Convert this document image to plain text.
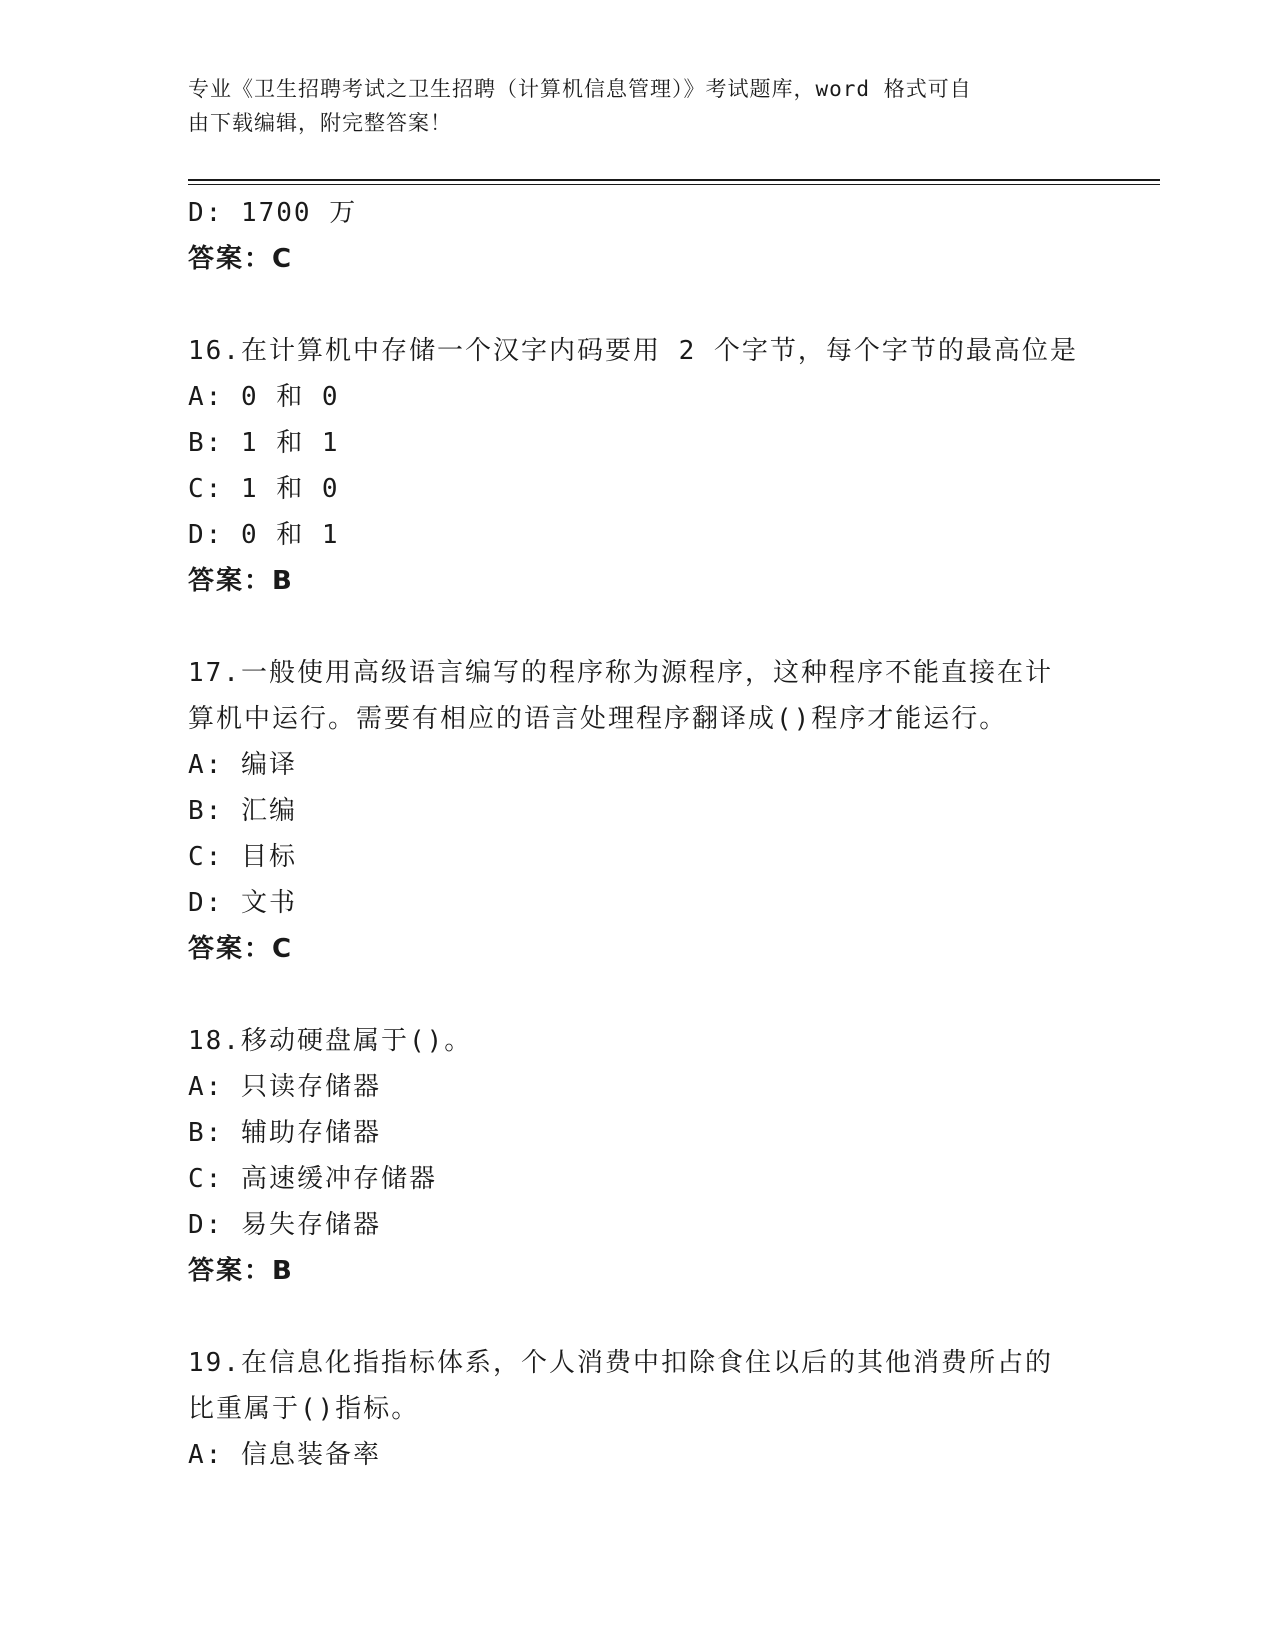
专业《卫生招聘考试之卫生招聘（计算机信息管理）》考试题库，word 格式可自
由下载编辑，附完整答案！
D: 1700 万
答案：C
16.在计算机中存储一个汉字内码要用 2 个字节，每个字节的最高位是
A: 0 和 0
B: 1 和 1
C: 1 和 0
D: 0 和 1
答案：B
17.一般使用高级语言编写的程序称为源程序，这种程序不能直接在计
算机中运行。需要有相应的语言处理程序翻译成()程序才能运行。
A: 编译
B: 汇编
C: 目标
D: 文书
答案：C
18.移动硬盘属于()。
A: 只读存储器
B: 辅助存储器
C: 高速缓冲存储器
D: 易失存储器
答案：B
19.在信息化指指标体系，个人消费中扣除食住以后的其他消费所占的
比重属于()指标。
A: 信息装备率
